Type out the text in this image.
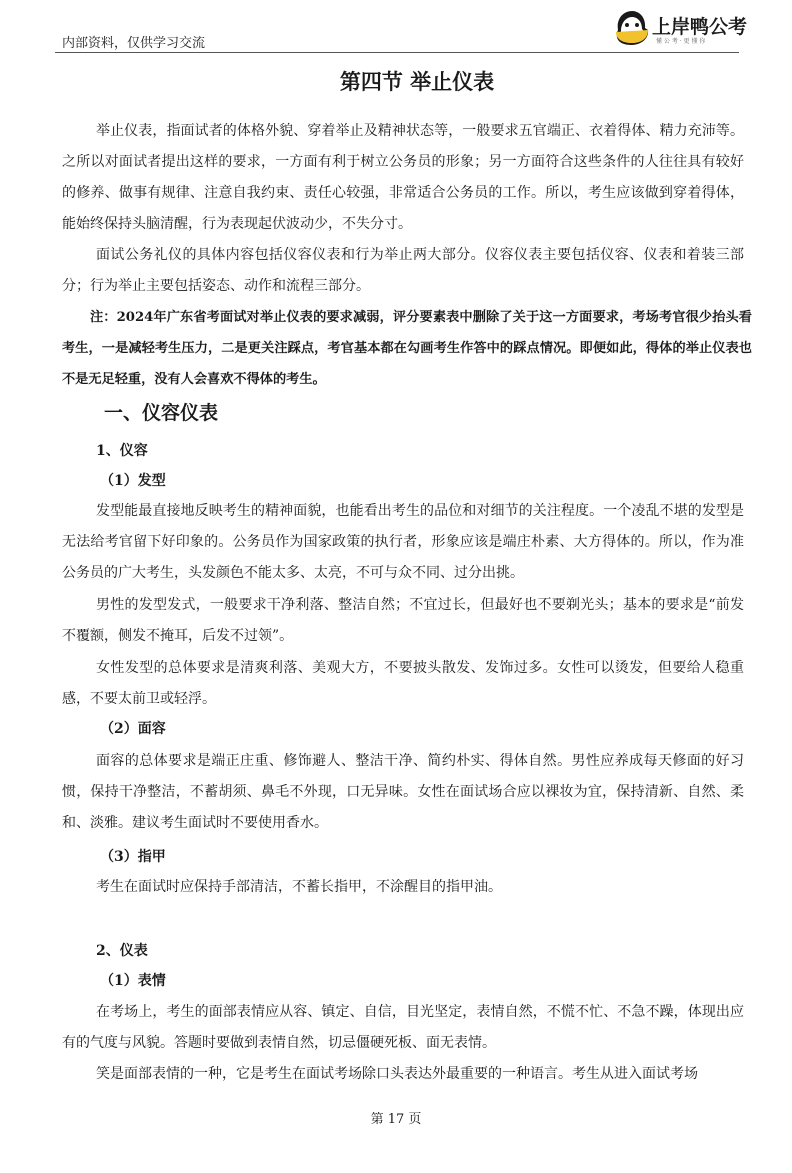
内部资料，仅供学习交流
上岸鸭公考
懂 公 考 · 更 懂 你
第四节 举止仪表
举止仪表，指面试者的体格外貌、穿着举止及精神状态等，一般要求五官端正、衣着得体、精力充沛等。之所以对面试者提出这样的要求，一方面有利于树立公务员的形象；另一方面符合这些条件的人往往具有较好的修养、做事有规律、注意自我约束、责任心较强，非常适合公务员的工作。所以，考生应该做到穿着得体，能始终保持头脑清醒，行为表现起伏波动少，不失分寸。
面试公务礼仪的具体内容包括仪容仪表和行为举止两大部分。仪容仪表主要包括仪容、仪表和着装三部分；行为举止主要包括姿态、动作和流程三部分。
注：2024年广东省考面试对举止仪表的要求减弱，评分要素表中删除了关于这一方面要求，考场考官很少抬头看考生，一是减轻考生压力，二是更关注踩点，考官基本都在勾画考生作答中的踩点情况。即便如此，得体的举止仪表也不是无足轻重，没有人会喜欢不得体的考生。
一、仪容仪表
1、仪容
（1）发型
发型能最直接地反映考生的精神面貌，也能看出考生的品位和对细节的关注程度。一个凌乱不堪的发型是无法给考官留下好印象的。公务员作为国家政策的执行者，形象应该是端庄朴素、大方得体的。所以，作为准公务员的广大考生，头发颜色不能太多、太亮，不可与众不同、过分出挑。
男性的发型发式，一般要求干净利落、整洁自然；不宜过长，但最好也不要剃光头；基本的要求是“前发不覆额，侧发不掩耳，后发不过领”。
女性发型的总体要求是清爽利落、美观大方，不要披头散发、发饰过多。女性可以烫发，但要给人稳重感，不要太前卫或轻浮。
（2）面容
面容的总体要求是端正庄重、修饰避人、整洁干净、简约朴实、得体自然。男性应养成每天修面的好习惯，保持干净整洁，不蓄胡须、鼻毛不外现，口无异味。女性在面试场合应以裸妆为宜，保持清新、自然、柔和、淡雅。建议考生面试时不要使用香水。
（3）指甲
考生在面试时应保持手部清洁，不蓄长指甲，不涂醒目的指甲油。
2、仪表
（1）表情
在考场上，考生的面部表情应从容、镇定、自信，目光坚定，表情自然，不慌不忙、不急不躁，体现出应有的气度与风貌。答题时要做到表情自然，切忌僵硬死板、面无表情。
笑是面部表情的一种，它是考生在面试考场除口头表达外最重要的一种语言。考生从进入面试考场
第 17 页
